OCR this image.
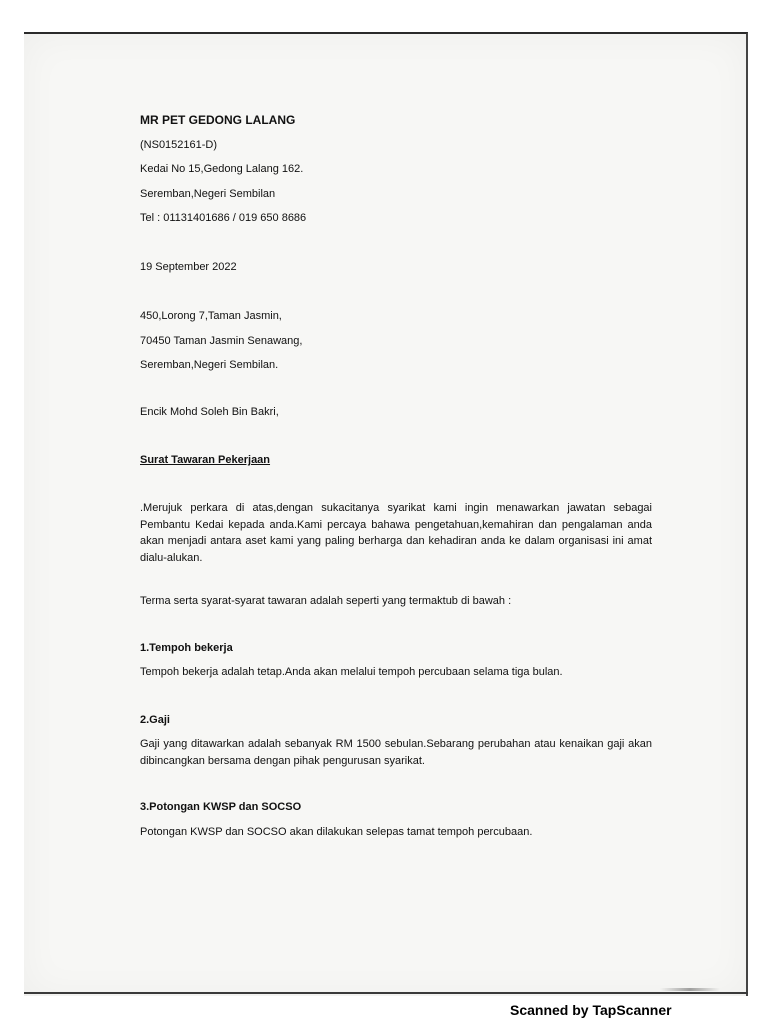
MR PET GEDONG LALANG
(NS0152161-D)
Kedai No 15,Gedong Lalang 162.
Seremban,Negeri Sembilan
Tel : 01131401686 / 019 650 8686
19 September 2022
450,Lorong 7,Taman Jasmin,
70450 Taman Jasmin Senawang,
Seremban,Negeri Sembilan.
Encik Mohd Soleh Bin Bakri,
Surat Tawaran Pekerjaan
.Merujuk perkara di atas,dengan sukacitanya syarikat kami ingin menawarkan jawatan sebagai Pembantu Kedai kepada anda.Kami percaya bahawa pengetahuan,kemahiran dan pengalaman anda akan menjadi antara aset kami yang paling berharga dan kehadiran anda ke dalam organisasi ini amat dialu-alukan.
Terma serta syarat-syarat tawaran adalah seperti yang termaktub di bawah :
1.Tempoh bekerja
Tempoh bekerja adalah tetap.Anda akan melalui tempoh percubaan selama tiga bulan.
2.Gaji
Gaji yang ditawarkan adalah sebanyak RM 1500 sebulan.Sebarang perubahan atau kenaikan gaji akan dibincangkan bersama dengan pihak pengurusan syarikat.
3.Potongan KWSP dan SOCSO
Potongan KWSP dan SOCSO akan dilakukan selepas tamat tempoh percubaan.
Scanned by TapScanner
